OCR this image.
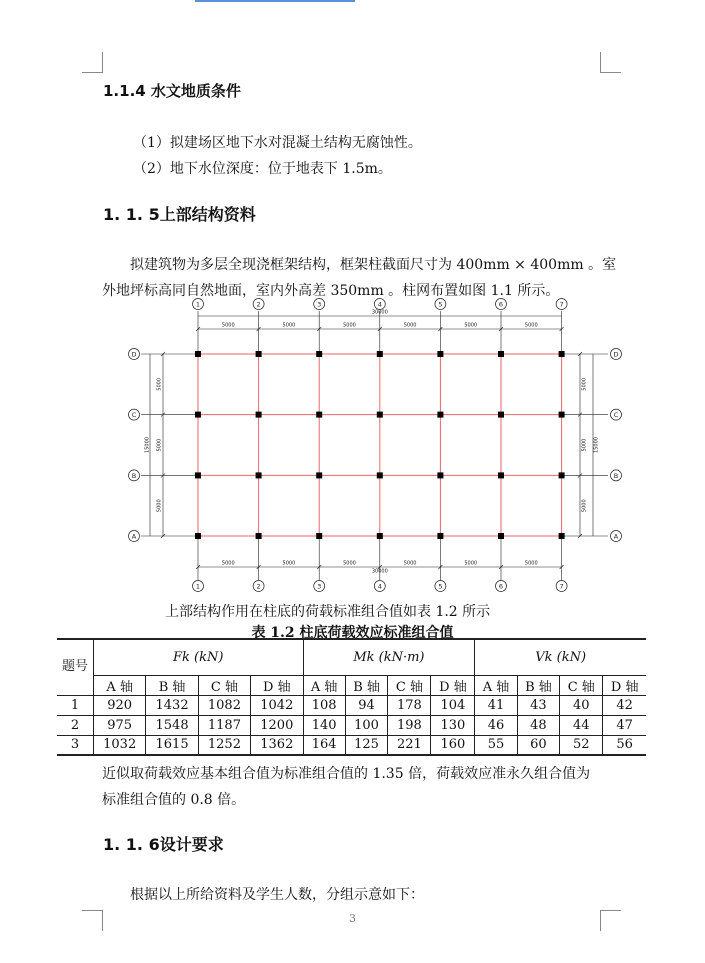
1.1.4 水文地质条件
（1）拟建场区地下水对混凝土结构无腐蚀性。
（2）地下水位深度：位于地表下 1.5m。
1. 1. 5上部结构资料
拟建筑物为多层全现浇框架结构，框架柱截面尺寸为 400mm × 400mm 。室
外地坪标高同自然地面，室内外高差 350mm 。柱网布置如图 1.1 所示。
30000
5000	5000	5000	5000	5000	5000
5000	5000	5000	5000	5000	5000
30000
15000
5000
5000
5000
15000
5000
5000
5000
1
1
2
2
3
3
4
4
5
5
6
6
7
7
D	D
C	C
B	B
A	A
上部结构作用在柱底的荷载标准组合值如表 1.2 所示
表 1.2 柱底荷载效应标准组合值
题号	Fk (kN)				Mk (kN·m)				Vk (kN)			
	A 轴	B 轴	C 轴	D 轴	A 轴	B 轴	C 轴	D 轴	A 轴	B 轴	C 轴	D 轴
1	920	1432	1082	1042	108	94	178	104	41	43	40	42
2	975	1548	1187	1200	140	100	198	130	46	48	44	47
3	1032	1615	1252	1362	164	125	221	160	55	60	52	56
近似取荷载效应基本组合值为标准组合值的 1.35 倍，荷载效应准永久组合值为
标准组合值的 0.8 倍。
1. 1. 6设计要求
根据以上所给资料及学生人数，分组示意如下：
3
